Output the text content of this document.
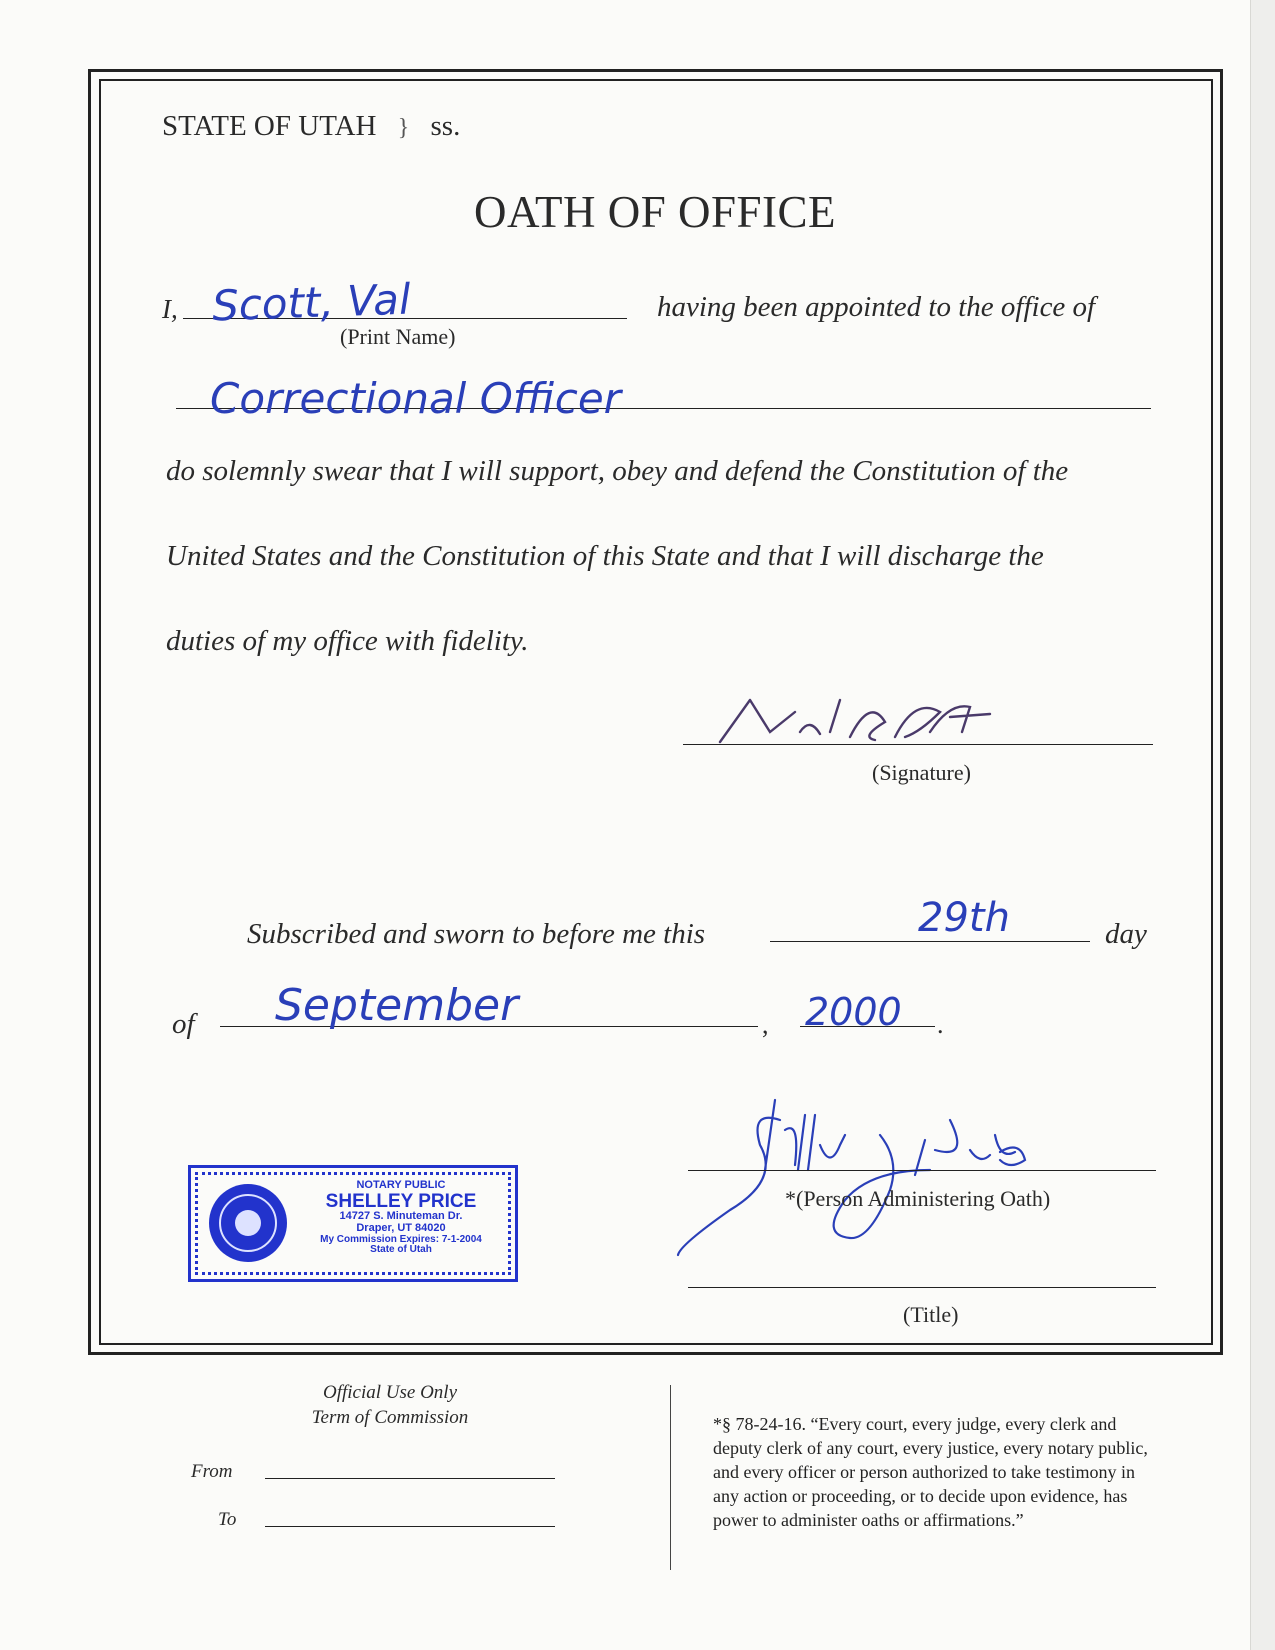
STATE OF UTAH } ss.
OATH OF OFFICE
I, Scott, Val
(Print Name)
having been appointed to the office of
Correctional Officer
do solemnly swear that I will support, obey and defend the Constitution of the
United States and the Constitution of this State and that I will discharge the
duties of my office with fidelity.
(Signature)
Subscribed and sworn to before me this	29th	day
of September	, 2000 .
NOTARY PUBLIC
SHELLEY PRICE
14727 S. Minuteman Dr.
Draper, UT 84020
My Commission Expires: 7-1-2004
State of Utah
*(Person Administering Oath)
(Title)
Official Use Only
Term of Commission
From
To
*§ 78-24-16. “Every court, every judge, every clerk and
deputy clerk of any court, every justice, every notary public,
and every officer or person authorized to take testimony in
any action or proceeding, or to decide upon evidence, has
power to administer oaths or affirmations.”
